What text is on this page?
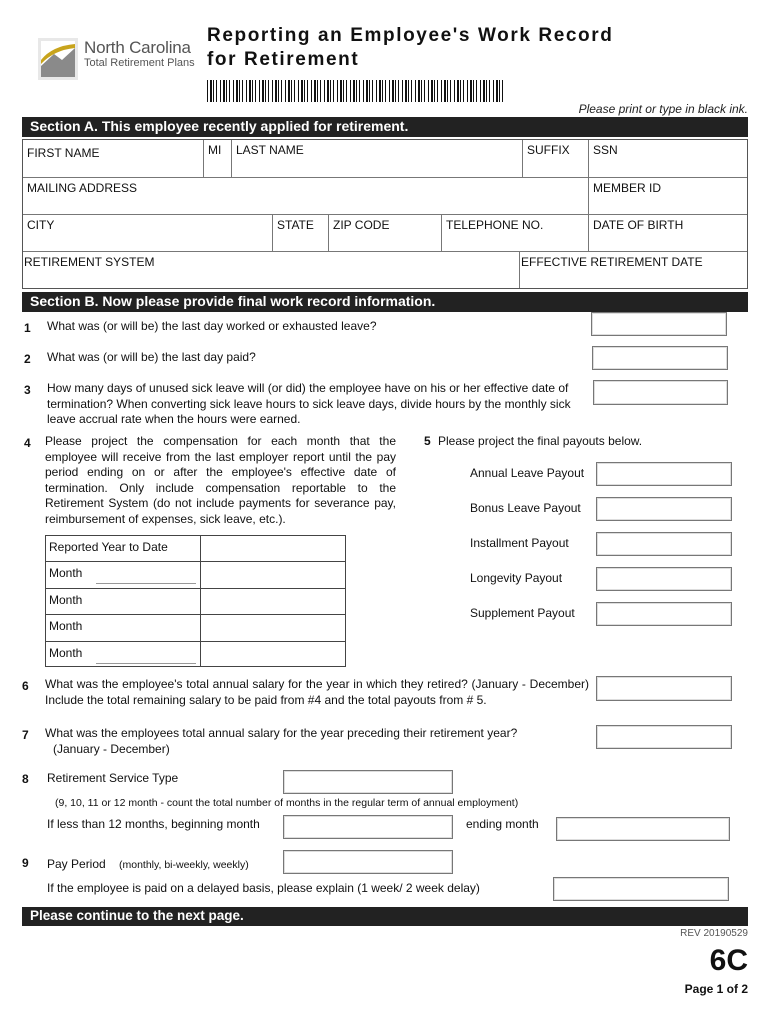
North Carolina
Total Retirement Plans
Reporting an Employee's Work Record
for Retirement
Please print or type in black ink.
Section A. This employee recently applied for retirement.
FIRST NAME	MI	LAST NAME	SUFFIX	SSN
MAILING ADDRESS	MEMBER ID
CITY	STATE	ZIP CODE	TELEPHONE NO.	DATE OF BIRTH
RETIREMENT SYSTEM	EFFECTIVE RETIREMENT DATE
Section B. Now please provide final work record information.
1 What was (or will be) the last day worked or exhausted leave?
2 What was (or will be) the last day paid?
3 How many days of unused sick leave will (or did) the employee have on his or her effective date of termination? When converting sick leave hours to sick leave days, divide hours by the monthly sick leave accrual rate when the hours were earned.
4 Please project the compensation for each month that the employee will receive from the last employer report until the pay period ending on or after the employee's effective date of termination. Only include compensation reportable to the Retirement System (do not include payments for severance pay, reimbursement of expenses, sick leave, etc.).
Reported Year to Date
Month
Month
Month
Month
5 Please project the final payouts below.
Annual Leave Payout
Bonus Leave Payout
Installment Payout
Longevity Payout
Supplement Payout
6 What was the employee's total annual salary for the year in which they retired? (January - December) Include the total remaining salary to be paid from #4 and the total payouts from # 5.
7 What was the employees total annual salary for the year preceding their retirement year?
(January - December)
8 Retirement Service Type
(9, 10, 11 or 12 month - count the total number of months in the regular term of annual employment)
If less than 12 months, beginning month	ending month
9 Pay Period (monthly, bi-weekly, weekly)
If the employee is paid on a delayed basis, please explain (1 week/ 2 week delay)
Please continue to the next page.
REV 20190529
6C
Page 1 of 2
